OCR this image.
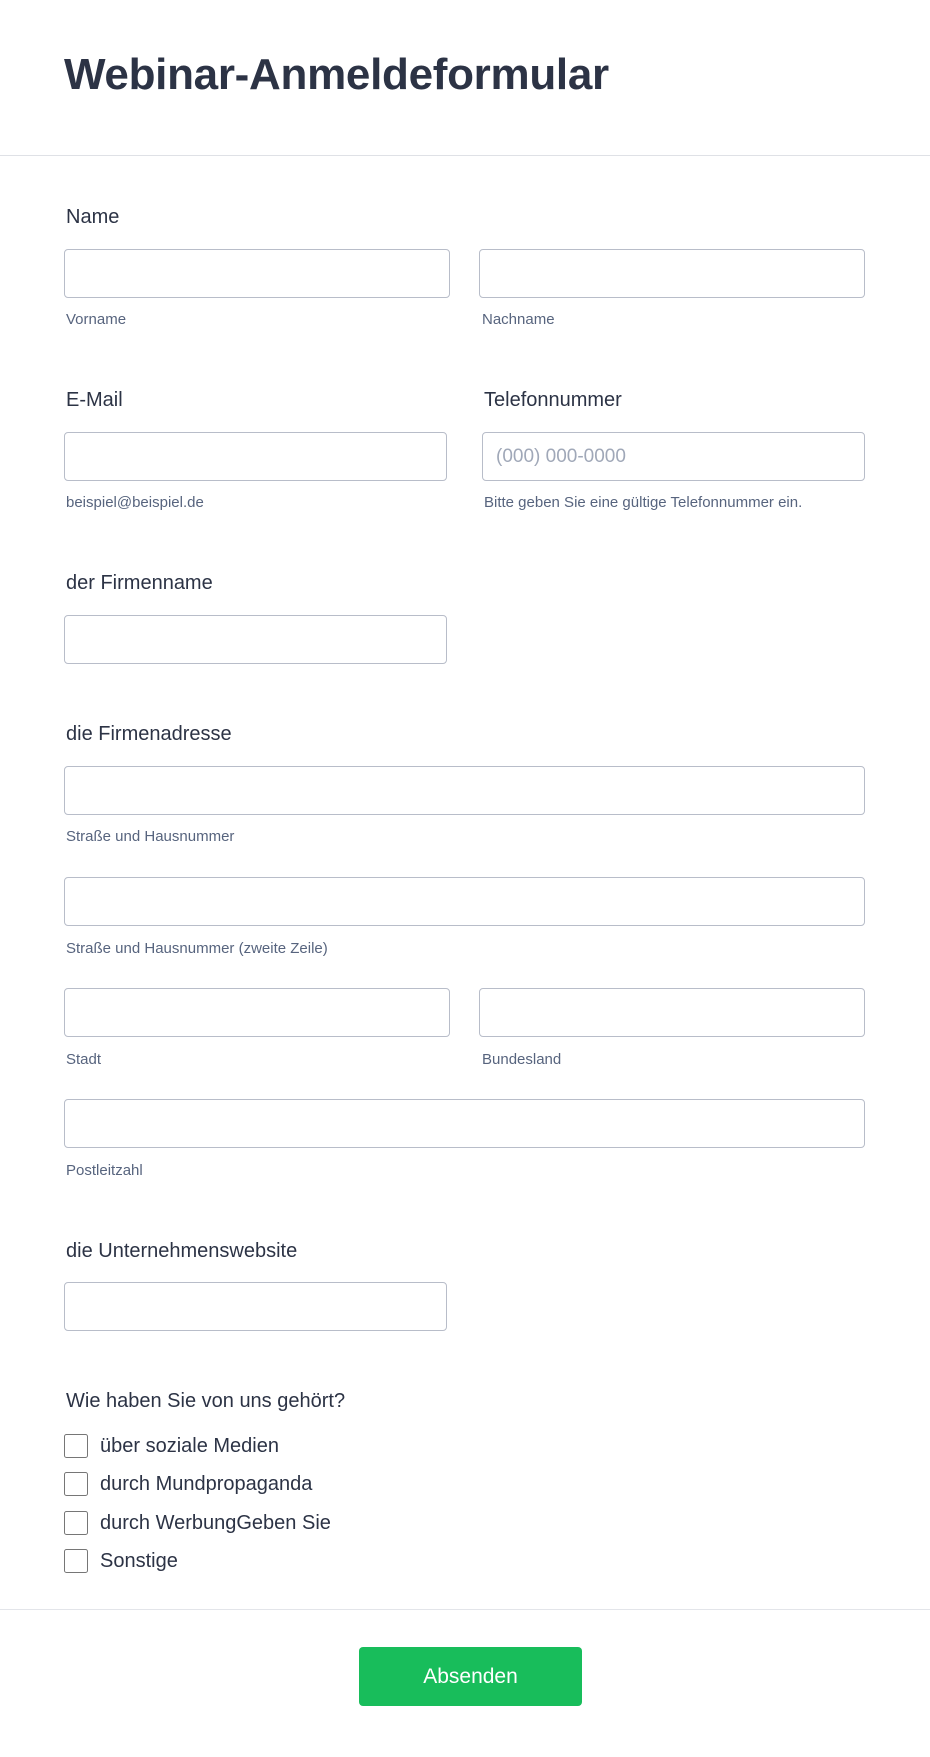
Webinar-Anmeldeformular
Name
Vorname	Nachname
E-Mail
beispiel@beispiel.de
Telefonnummer
(000) 000-0000
Bitte geben Sie eine gültige Telefonnummer ein.
der Firmenname
die Firmenadresse
Straße und Hausnummer
Straße und Hausnummer (zweite Zeile)
Stadt	Bundesland
Postleitzahl
die Unternehmenswebsite
Wie haben Sie von uns gehört?
über soziale Medien
durch Mundpropaganda
durch WerbungGeben Sie
Sonstige
Absenden
